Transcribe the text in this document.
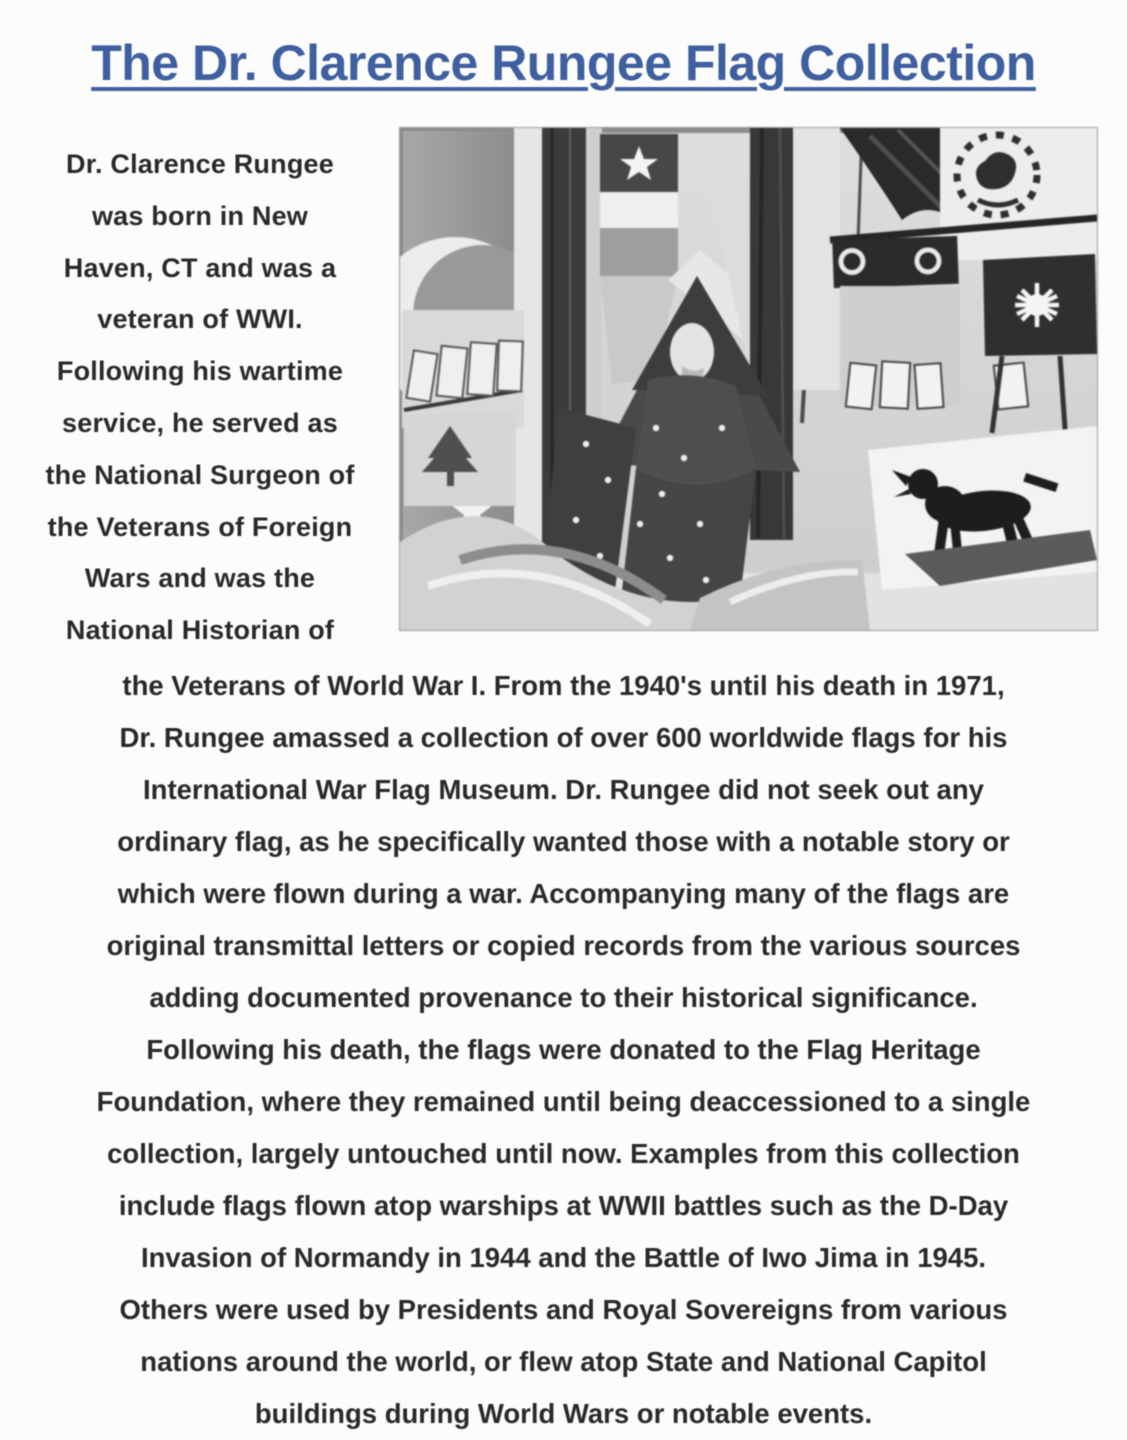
The Dr. Clarence Rungee Flag Collection
Dr. Clarence Rungee
was born in New
Haven, CT and was a
veteran of WWI.
Following his wartime
service, he served as
the National Surgeon of
the Veterans of Foreign
Wars and was the
National Historian of
the Veterans of World War I. From the 1940's until his death in 1971,
Dr. Rungee amassed a collection of over 600 worldwide flags for his
International War Flag Museum. Dr. Rungee did not seek out any
ordinary flag, as he specifically wanted those with a notable story or
which were flown during a war. Accompanying many of the flags are
original transmittal letters or copied records from the various sources
adding documented provenance to their historical significance.
Following his death, the flags were donated to the Flag Heritage
Foundation, where they remained until being deaccessioned to a single
collection, largely untouched until now. Examples from this collection
include flags flown atop warships at WWII battles such as the D-Day
Invasion of Normandy in 1944 and the Battle of Iwo Jima in 1945.
Others were used by Presidents and Royal Sovereigns from various
nations around the world, or flew atop State and National Capitol
buildings during World Wars or notable events.
